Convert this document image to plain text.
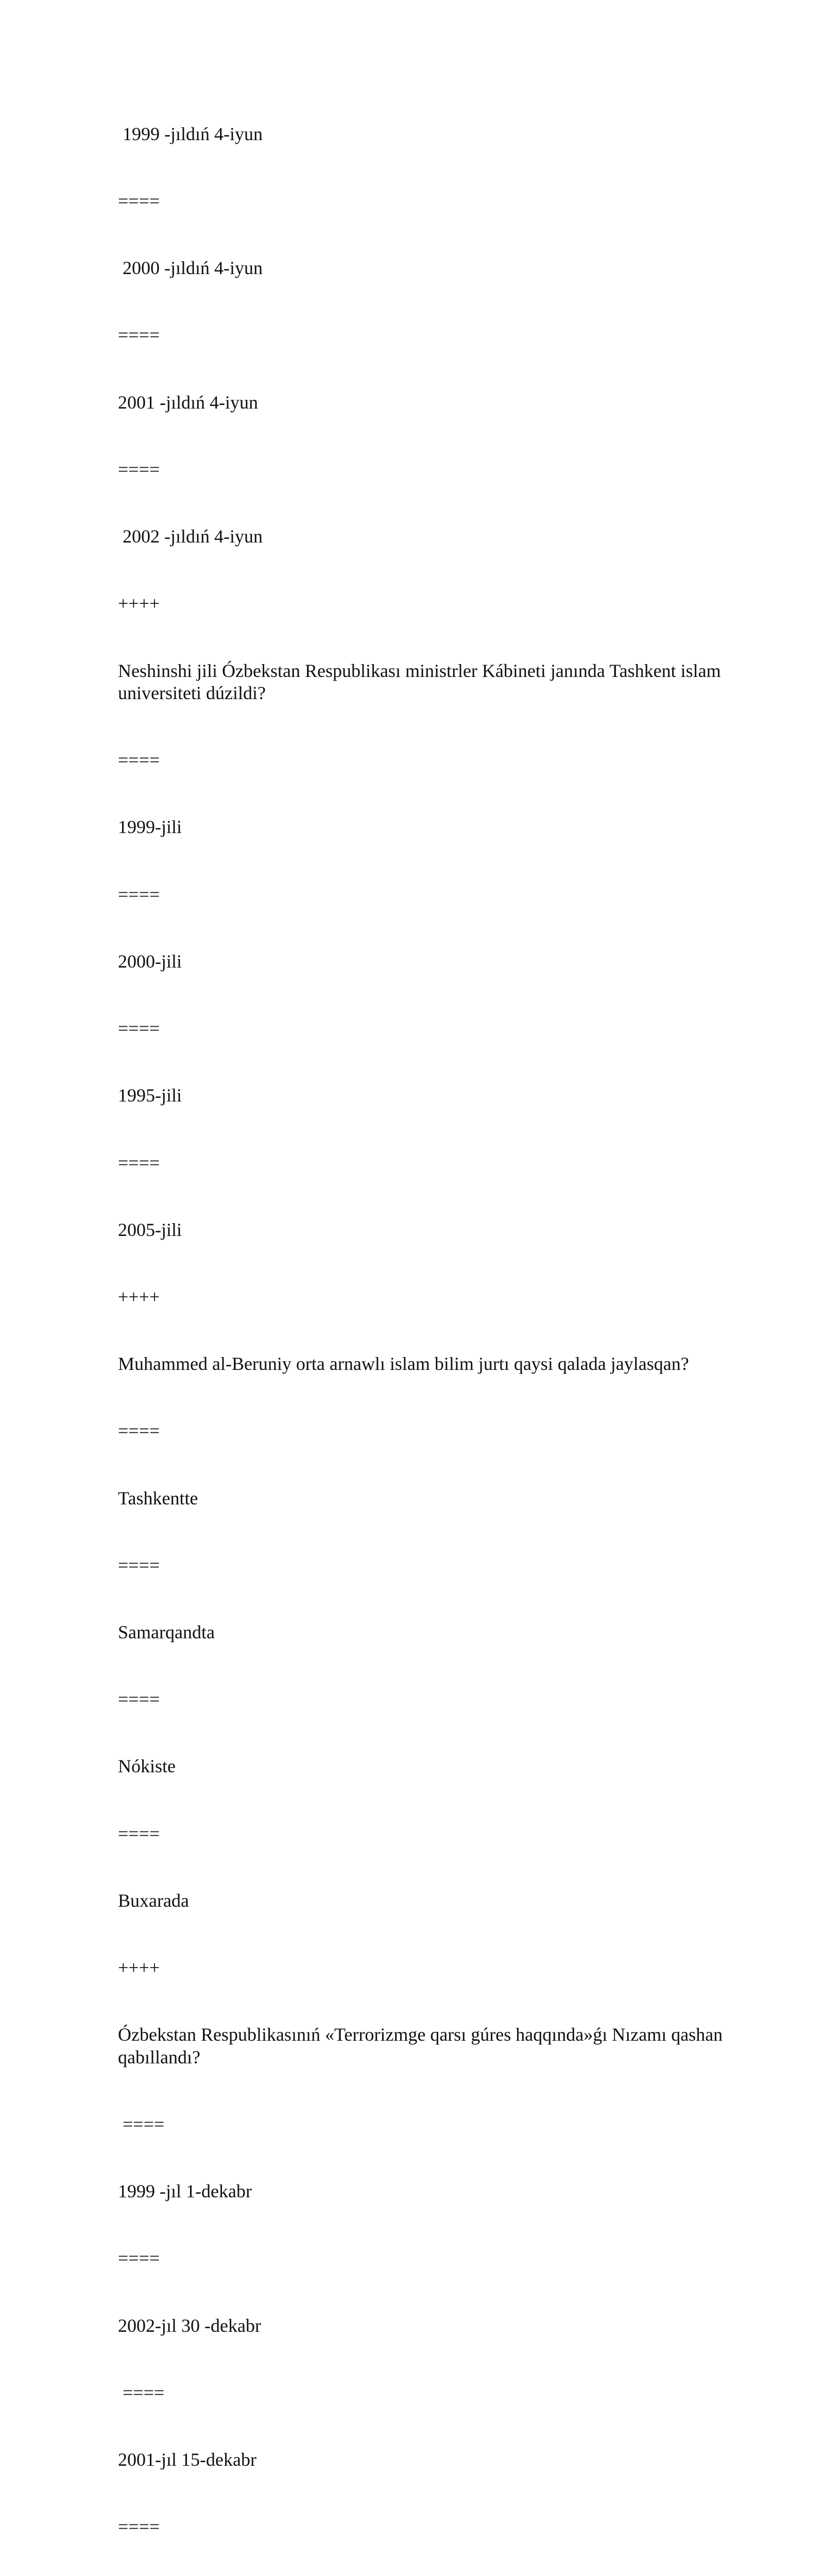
1999 -jıldıń 4-iyun

====

2000 -jıldıń 4-iyun

====

2001 -jıldıń 4-iyun

====

2002 -jıldıń 4-iyun

++++

Neshinshi jili Ózbekstan Respublikası ministrler Kábineti janında Tashkent islam universiteti dúzildi?

====

1999-jili

====

2000-jili

====

1995-jili

====

2005-jili

++++

Muhammed al-Beruniy orta arnawlı islam bilim jurtı qaysi qalada jaylasqan?

====

Tashkentte

====

Samarqandta

====

Nókiste

====

Buxarada

++++

Ózbekstan Respublikasınıń «Terrorizmge qarsı gúres haqqında»ǵı Nızamı qashan qabıllandı?

====

1999 -jıl 1-dekabr

====

2002-jıl 30 -dekabr

====

2001-jıl 15-dekabr

====
